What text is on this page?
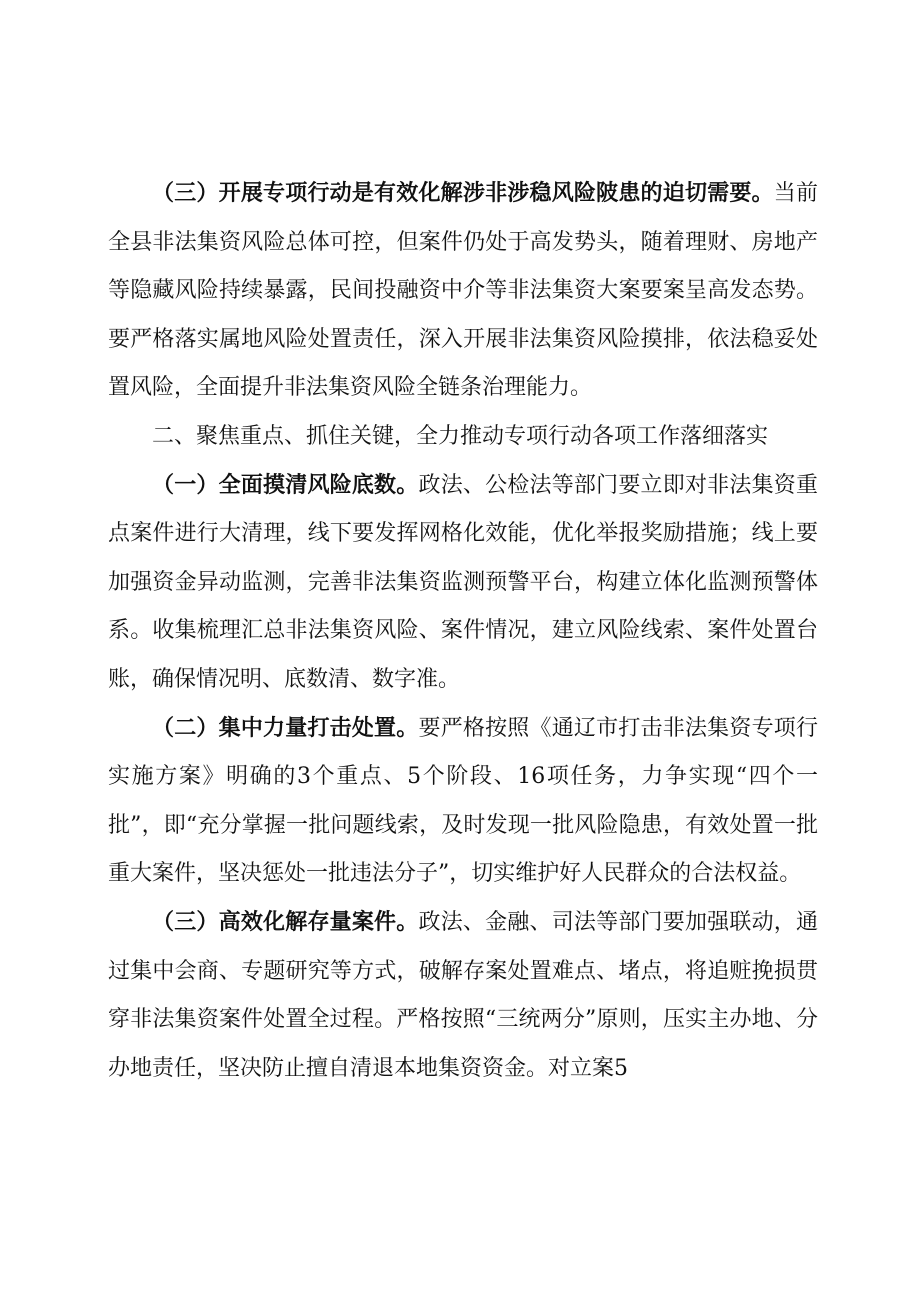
（三）开展专项行动是有效化解涉非涉稳风险陂患的迫切需要。当前全县非法集资风险总体可控，但案件仍处于高发势头，随着理财、房地产等隐藏风险持续暴露，民间投融资中介等非法集资大案要案呈高发态势。要严格落实属地风险处置责任，深入开展非法集资风险摸排，依法稳妥处置风险，全面提升非法集资风险全链条治理能力。

二、聚焦重点、抓住关键，全力推动专项行动各项工作落细落实

（一）全面摸清风险底数。政法、公检法等部门要立即对非法集资重点案件进行大清理，线下要发挥网格化效能，优化举报奖励措施；线上要加强资金异动监测，完善非法集资监测预警平台，构建立体化监测预警体系。收集梳理汇总非法集资风险、案件情况，建立风险线索、案件处置台账，确保情况明、底数清、数字准。

（二）集中力量打击处置。要严格按照《通辽市打击非法集资专项行实施方案》明确的3个重点、5个阶段、16项任务，力争实现“四个一批”，即“充分掌握一批问题线索，及时发现一批风险隐患，有效处置一批重大案件，坚决惩处一批违法分子”，切实维护好人民群众的合法权益。

（三）高效化解存量案件。政法、金融、司法等部门要加强联动，通过集中会商、专题研究等方式，破解存案处置难点、堵点，将追赃挽损贯穿非法集资案件处置全过程。严格按照“三统两分”原则，压实主办地、分办地责任，坚决防止擅自清退本地集资资金。对立案5
